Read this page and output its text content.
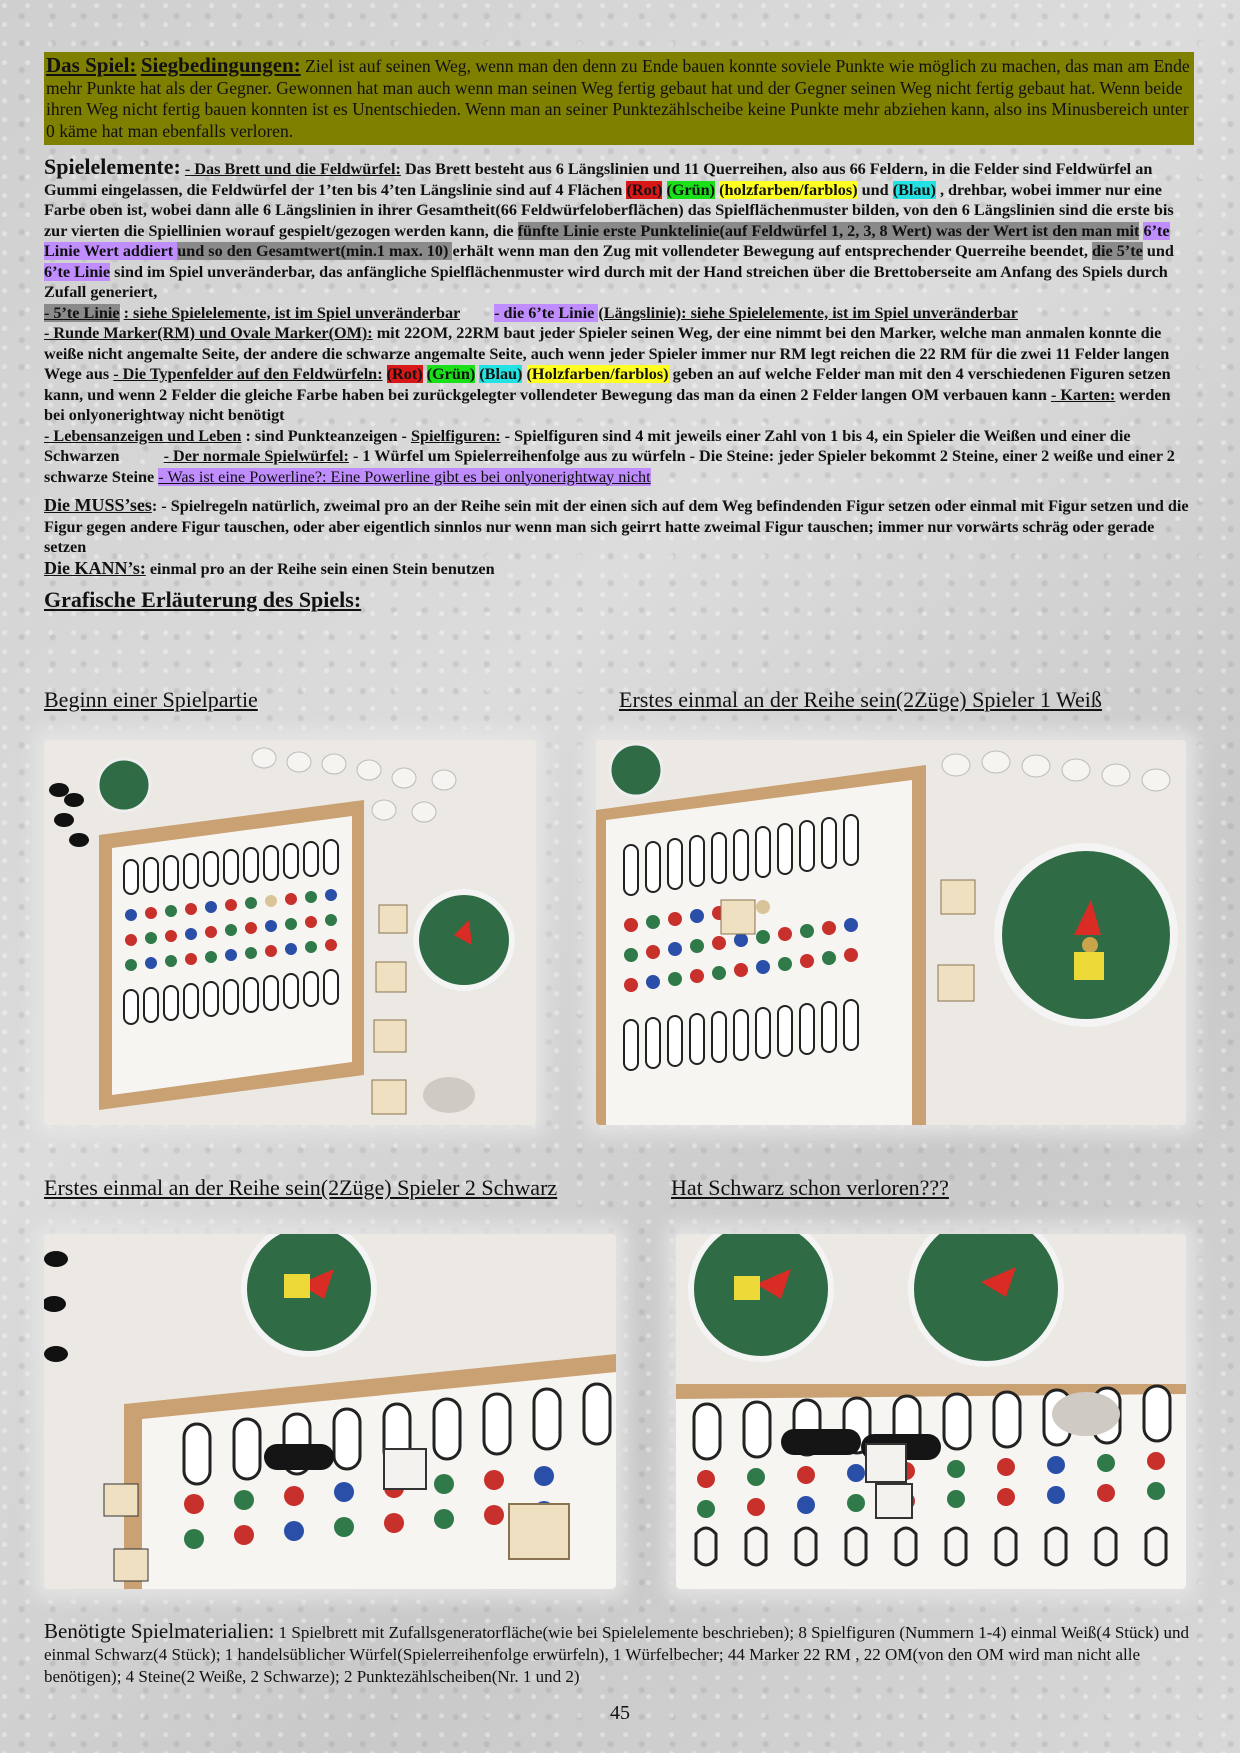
Das Spiel: Siegbedingungen: Ziel ist auf seinen Weg, wenn man den denn zu Ende bauen konnte soviele Punkte wie möglich zu machen, das man am Ende mehr Punkte hat als der Gegner. Gewonnen hat man auch wenn man seinen Weg fertig gebaut hat und der Gegner seinen Weg nicht fertig gebaut hat. Wenn beide ihren Weg nicht fertig bauen konnten ist es Unentschieden. Wenn man an seiner Punktezählscheibe keine Punkte mehr abziehen kann, also ins Minusbereich unter 0 käme hat man ebenfalls verloren.
Spielelemente: - Das Brett und die Feldwürfel: Das Brett besteht aus 6 Längslinien und 11 Querreihen, also aus 66 Feldern, in die Felder sind Feldwürfel an Gummi eingelassen, die Feldwürfel der 1’ten bis 4’ten Längslinie sind auf 4 Flächen (Rot) (Grün) (holzfarben/farblos) und (Blau) , drehbar, wobei immer nur eine Farbe oben ist, wobei dann alle 6 Längslinien in ihrer Gesamtheit(66 Feldwürfeloberflächen) das Spielflächenmuster bilden, von den 6 Längslinien sind die erste bis zur vierten die Spiellinien worauf gespielt/gezogen werden kann, die fünfte Linie erste Punktelinie(auf Feldwürfel 1, 2, 3, 8 Wert) was der Wert ist den man mit 6’te Linie Wert addiert und so den Gesamtwert(min.1 max. 10) erhält wenn man den Zug mit vollendeter Bewegung auf entsprechender Querreihe beendet, die 5’te und 6’te Linie sind im Spiel unveränderbar, das anfängliche Spielflächenmuster wird durch mit der Hand streichen über die Brettoberseite am Anfang des Spiels durch Zufall generiert,
- 5’te Linie : siehe Spielelemente, ist im Spiel unveränderbar - die 6’te Linie (Längslinie): siehe Spielelemente, ist im Spiel unveränderbar
- Runde Marker(RM) und Ovale Marker(OM): mit 22OM, 22RM baut jeder Spieler seinen Weg, der eine nimmt bei den Marker, welche man anmalen konnte die weiße nicht angemalte Seite, der andere die schwarze angemalte Seite, auch wenn jeder Spieler immer nur RM legt reichen die 22 RM für die zwei 11 Felder langen Wege aus - Die Typenfelder auf den Feldwürfeln: (Rot) (Grün) (Blau) (Holzfarben/farblos) geben an auf welche Felder man mit den 4 verschiedenen Figuren setzen kann, und wenn 2 Felder die gleiche Farbe haben bei zurückgelegter vollendeter Bewegung das man da einen 2 Felder langen OM verbauen kann - Karten: werden bei onlyonerightway nicht benötigt
- Lebensanzeigen und Leben : sind Punkteanzeigen - Spielfiguren: - Spielfiguren sind 4 mit jeweils einer Zahl von 1 bis 4, ein Spieler die Weißen und einer die Schwarzen	- Der normale Spielwürfel: - 1 Würfel um Spielerreihenfolge aus zu würfeln - Die Steine: jeder Spieler bekommt 2 Steine, einer 2 weiße und einer 2 schwarze Steine - Was ist eine Powerline?: Eine Powerline gibt es bei onlyonerightway nicht
Die MUSS’ses: - Spielregeln natürlich, zweimal pro an der Reihe sein mit der einen sich auf dem Weg befindenden Figur setzen oder einmal mit Figur setzen und die Figur gegen andere Figur tauschen, oder aber eigentlich sinnlos nur wenn man sich geirrt hatte zweimal Figur tauschen; immer nur vorwärts schräg oder gerade setzen
Die KANN’s: einmal pro an der Reihe sein einen Stein benutzen
Grafische Erläuterung des Spiels:
Beginn einer Spielpartie	Erstes einmal an der Reihe sein(2Züge) Spieler 1 Weiß
Erstes einmal an der Reihe sein(2Züge) Spieler 2 Schwarz	Hat Schwarz schon verloren???
Benötigte Spielmaterialien: 1 Spielbrett mit Zufallsgeneratorfläche(wie bei Spielelemente beschrieben); 8 Spielfiguren (Nummern 1-4) einmal Weiß(4 Stück) und einmal Schwarz(4 Stück); 1 handelsüblicher Würfel(Spielerreihenfolge erwürfeln), 1 Würfelbecher; 44 Marker 22 RM , 22 OM(von den OM wird man nicht alle benötigen); 4 Steine(2 Weiße, 2 Schwarze); 2 Punktezählscheiben(Nr. 1 und 2)
45
